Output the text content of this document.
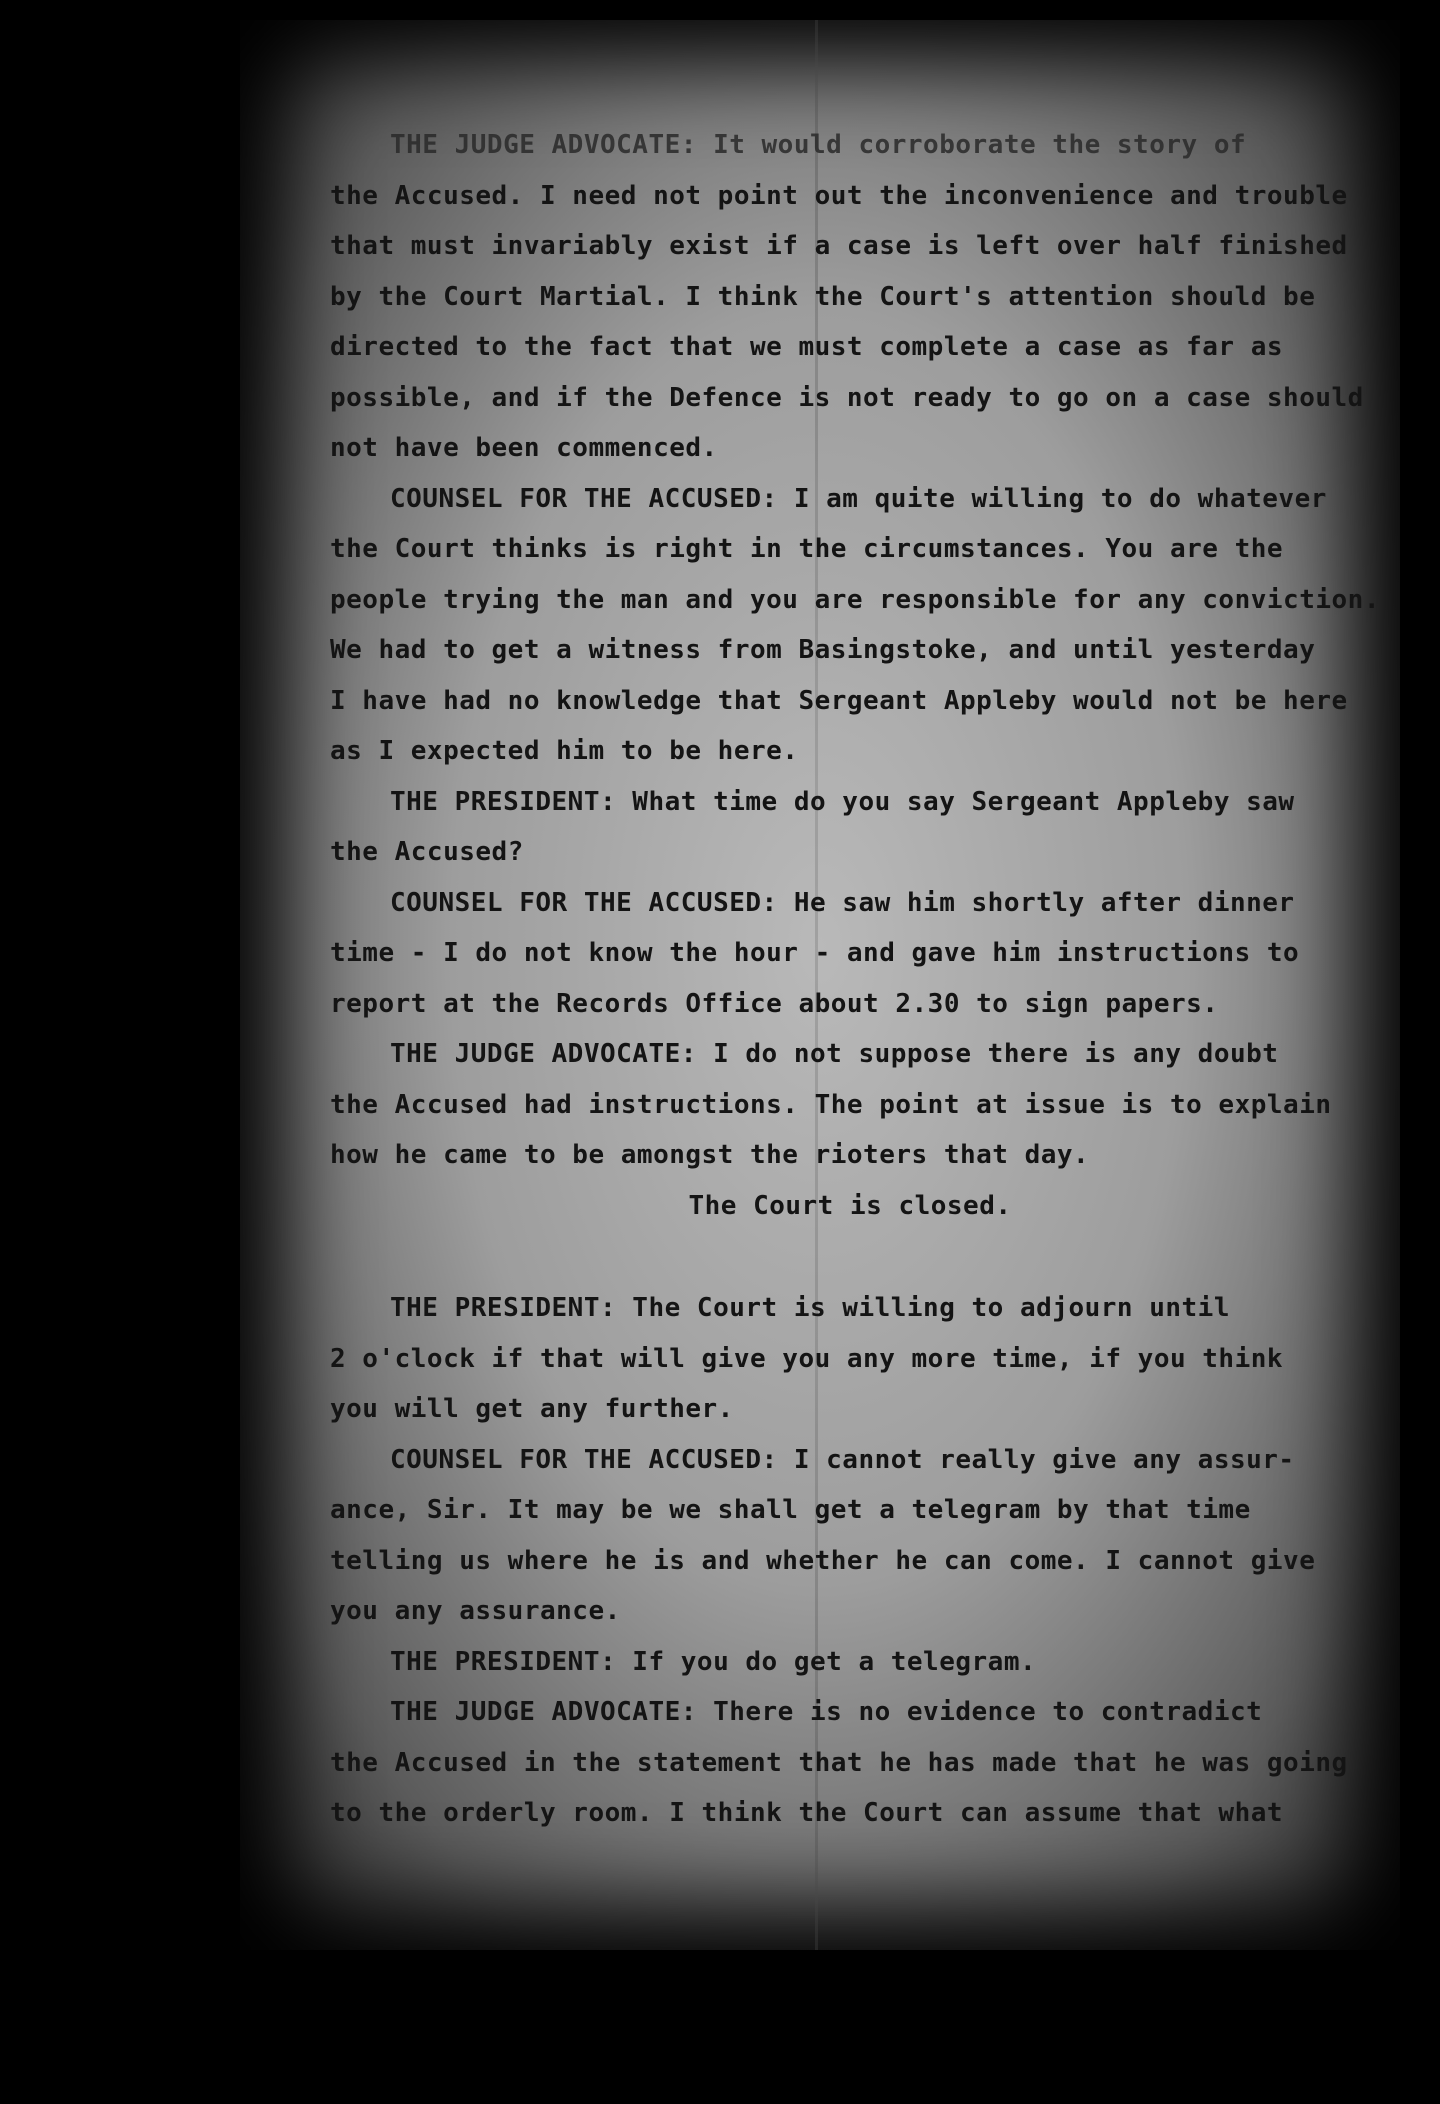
THE JUDGE ADVOCATE: It would corroborate the story of
the Accused. I need not point out the inconvenience and trouble
that must invariably exist if a case is left over half finished
by the Court Martial. I think the Court's attention should be
directed to the fact that we must complete a case as far as
possible, and if the Defence is not ready to go on a case should
not have been commenced.
COUNSEL FOR THE ACCUSED: I am quite willing to do whatever
the Court thinks is right in the circumstances. You are the
people trying the man and you are responsible for any conviction.
We had to get a witness from Basingstoke, and until yesterday
I have had no knowledge that Sergeant Appleby would not be here
as I expected him to be here.
THE PRESIDENT: What time do you say Sergeant Appleby saw
the Accused?
COUNSEL FOR THE ACCUSED: He saw him shortly after dinner
time - I do not know the hour - and gave him instructions to
report at the Records Office about 2.30 to sign papers.
THE JUDGE ADVOCATE: I do not suppose there is any doubt
the Accused had instructions. The point at issue is to explain
how he came to be amongst the rioters that day.
The Court is closed.
THE PRESIDENT: The Court is willing to adjourn until
2 o'clock if that will give you any more time, if you think
you will get any further.
COUNSEL FOR THE ACCUSED: I cannot really give any assur-
ance, Sir. It may be we shall get a telegram by that time
telling us where he is and whether he can come. I cannot give
you any assurance.
THE PRESIDENT: If you do get a telegram.
THE JUDGE ADVOCATE: There is no evidence to contradict
the Accused in the statement that he has made that he was going
to the orderly room. I think the Court can assume that what
